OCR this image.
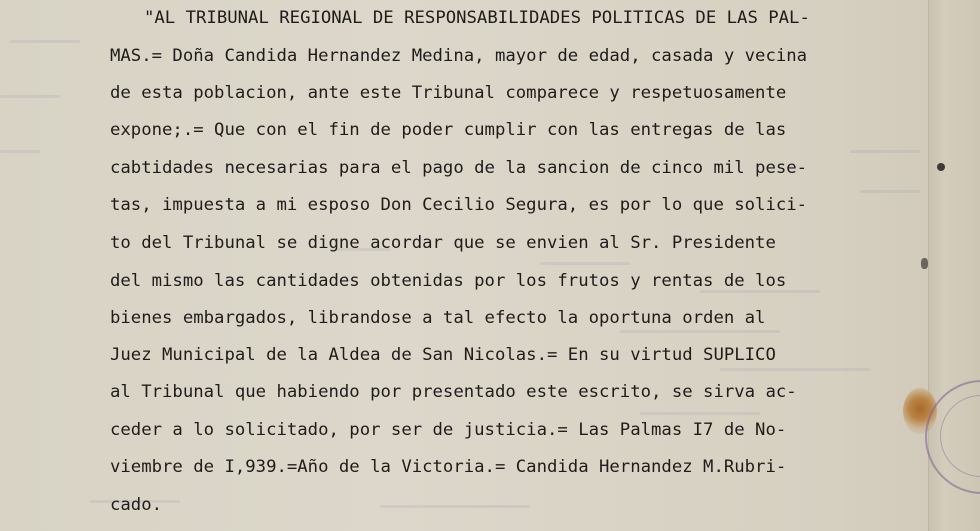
"AL TRIBUNAL REGIONAL DE RESPONSABILIDADES POLITICAS DE LAS PAL-

MAS.= Doña Candida Hernandez Medina, mayor de edad, casada y vecina

de esta poblacion, ante este Tribunal comparece y respetuosamente

expone;.= Que con el fin de poder cumplir con las entregas de las

cabtidades necesarias para el pago de la sancion de cinco mil pese-

tas, impuesta a mi esposo Don Cecilio Segura, es por lo que solici-

to del Tribunal se digne acordar que se envien al Sr. Presidente

del mismo las cantidades obtenidas por los frutos y rentas de los

bienes embargados, librandose a tal efecto la oportuna orden al

Juez Municipal de la Aldea de San Nicolas.= En su virtud SUPLICO

al Tribunal que habiendo por presentado este escrito, se sirva ac-

ceder a lo solicitado, por ser de justicia.= Las Palmas I7 de No-

viembre de I,939.=Año de la Victoria.= Candida Hernandez M.Rubri-

cado.
